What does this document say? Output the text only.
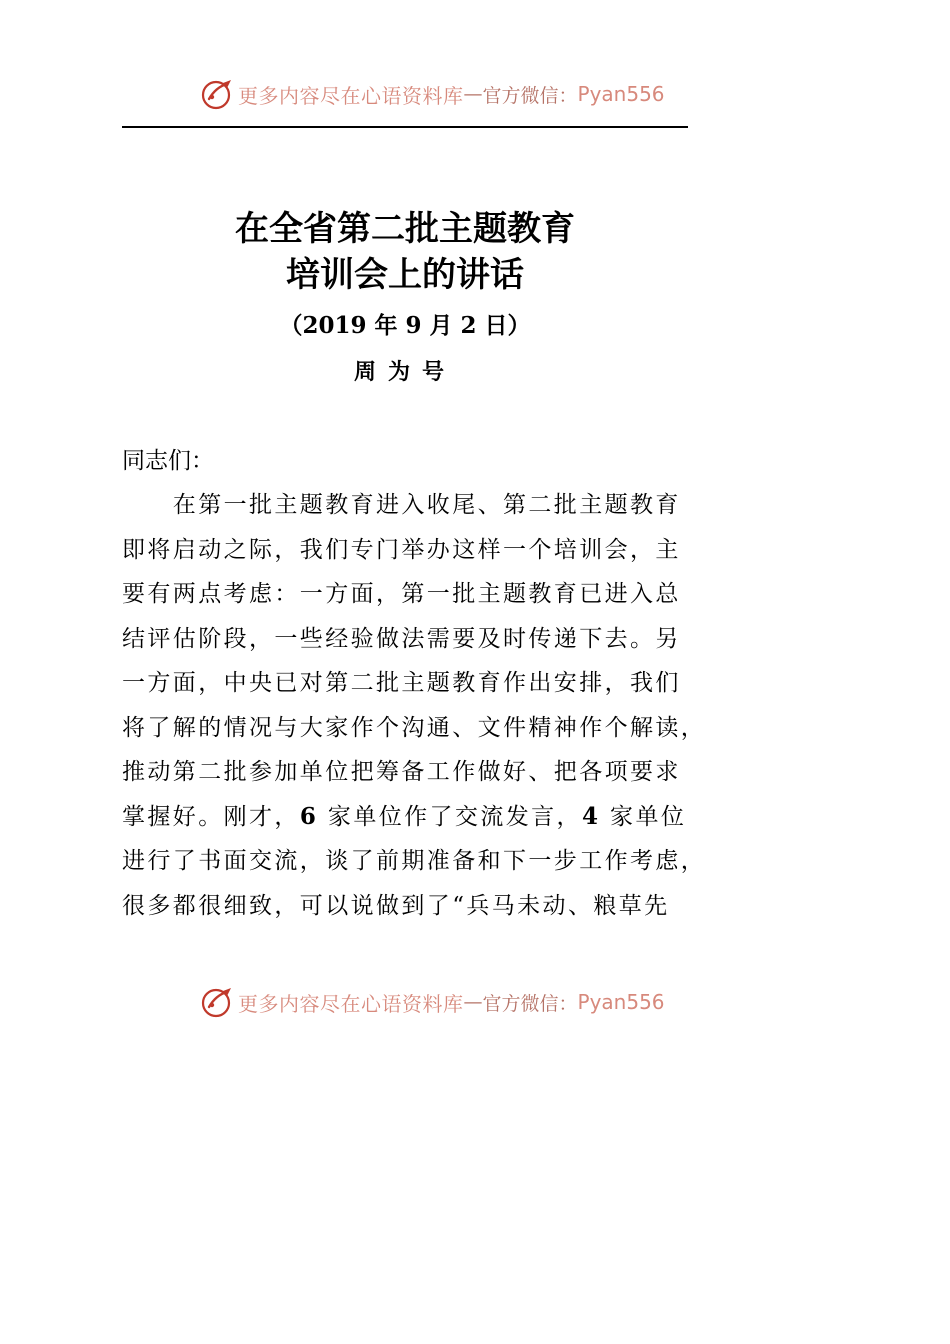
更多内容尽在心语资料库 — 官方微信： Pyan556
在全省第二批主题教育
培训会上的讲话
（2019 年 9 月 2 日）
周为号
同志们：
　　在第一批主题教育进入收尾、第二批主题教育
即将启动之际，我们专门举办这样一个培训会，主
要有两点考虑：一方面，第一批主题教育已进入总
结评估阶段，一些经验做法需要及时传递下去。另
一方面，中央已对第二批主题教育作出安排，我们
将了解的情况与大家作个沟通、文件精神作个解读，
推动第二批参加单位把筹备工作做好、把各项要求
掌握好。刚才，6 家单位作了交流发言，4 家单位
进行了书面交流，谈了前期准备和下一步工作考虑，
很多都很细致，可以说做到了“兵马未动、粮草先
更多内容尽在心语资料库 — 官方微信： Pyan556
